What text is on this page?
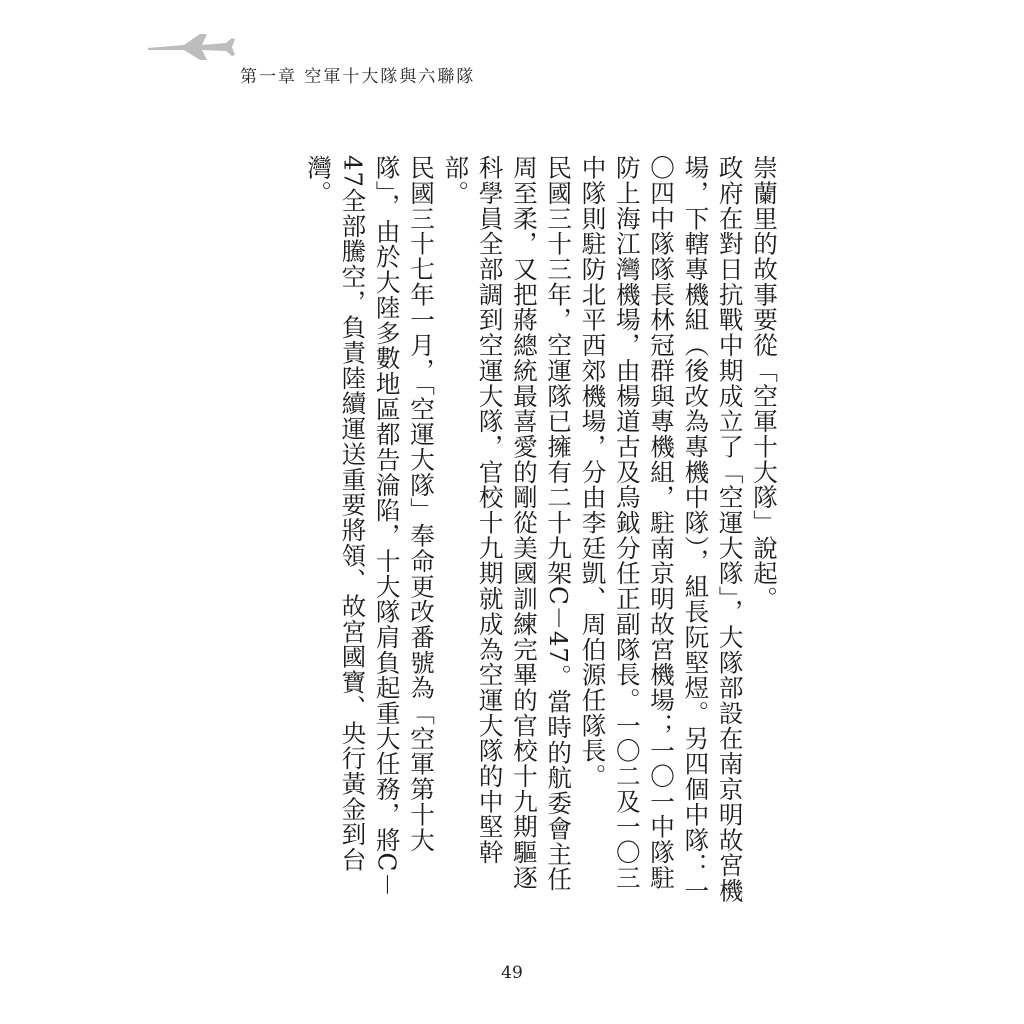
第一章 空軍十大隊與六聯隊

崇蘭里的故事要從「空軍十大隊」說起。

政府在對日抗戰中期成立了「空運大隊」，大隊部設在南京明故宮機場，下轄專機組（後改為專機中隊），組長阮堅煜。另四個中隊：一〇四中隊隊長林冠群與專機組，駐南京明故宮機場；一〇一中隊駐防上海江灣機場，由楊道古及烏鉞分任正副隊長。一〇二及一〇三中隊則駐防北平西郊機場，分由李廷凱、周伯源任隊長。

民國三十三年，空運隊已擁有二十九架C－47。當時的航委會主任周至柔，又把蔣總統最喜愛的剛從美國訓練完畢的官校十九期驅逐科學員全部調到空運大隊，官校十九期就成為空運大隊的中堅幹部。

民國三十七年一月，「空運大隊」奉命更改番號為「空軍第十大隊」，由於大陸多數地區都告淪陷，十大隊肩負起重大任務，將C－47全部騰空，負責陸續運送重要將領、故宮國寶、央行黃金到台灣。

49
